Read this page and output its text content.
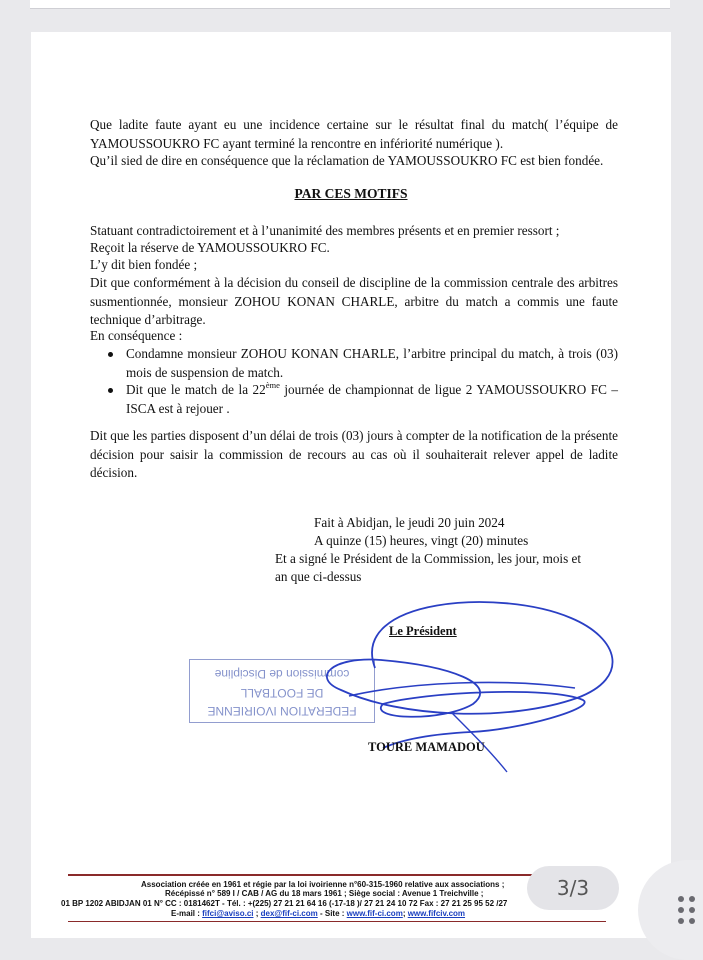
Que ladite faute ayant eu une incidence certaine sur le résultat final du match( l’équipe de YAMOUSSOUKRO FC ayant terminé la rencontre en infériorité numérique ).
Qu’il sied de dire en conséquence que la réclamation de YAMOUSSOUKRO FC est bien fondée.
PAR CES MOTIFS
Statuant contradictoirement et à l’unanimité des membres présents et en premier ressort ;
Reçoit la réserve de YAMOUSSOUKRO FC.
L’y dit bien fondée ;
Dit que conformément à la décision du conseil de discipline de la commission centrale des arbitres susmentionnée, monsieur ZOHOU KONAN CHARLE, arbitre du match a commis une faute technique d’arbitrage.
En conséquence :
Condamne monsieur ZOHOU KONAN CHARLE, l’arbitre principal du match, à trois (03) mois de suspension de match.
Dit que le match de la 22ème journée de championnat de ligue 2 YAMOUSSOUKRO FC – ISCA est à rejouer .
Dit que les parties disposent d’un délai de trois (03) jours à compter de la notification de la présente décision pour saisir la commission de recours au cas où il souhaiterait relever appel de ladite décision.
Fait à Abidjan, le jeudi 20 juin 2024
A quinze (15) heures, vingt (20) minutes
Et a signé le Président de la Commission, les jour, mois et
an que ci-dessus
Le Président
FEDERATION IVOIRIENNE
DE FOOTBALL
commission de Discipline
TOURE MAMADOU
Association créée en 1961 et régie par la loi ivoirienne n°60-315-1960 relative aux associations ;
Récépissé n° 589 I / CAB / AG du 18 mars 1961 ; Siège social : Avenue 1 Treichville ;
01 BP 1202 ABIDJAN 01 N° CC : 0181462T - Tél. : +(225) 27 21 21 64 16 (-17-18 )/ 27 21 24 10 72 Fax : 27 21 25 95 52 /27
E-mail : fifci@aviso.ci ; dex@fif-ci.com - Site : www.fif-ci.com; www.fifciv.com
3/3
